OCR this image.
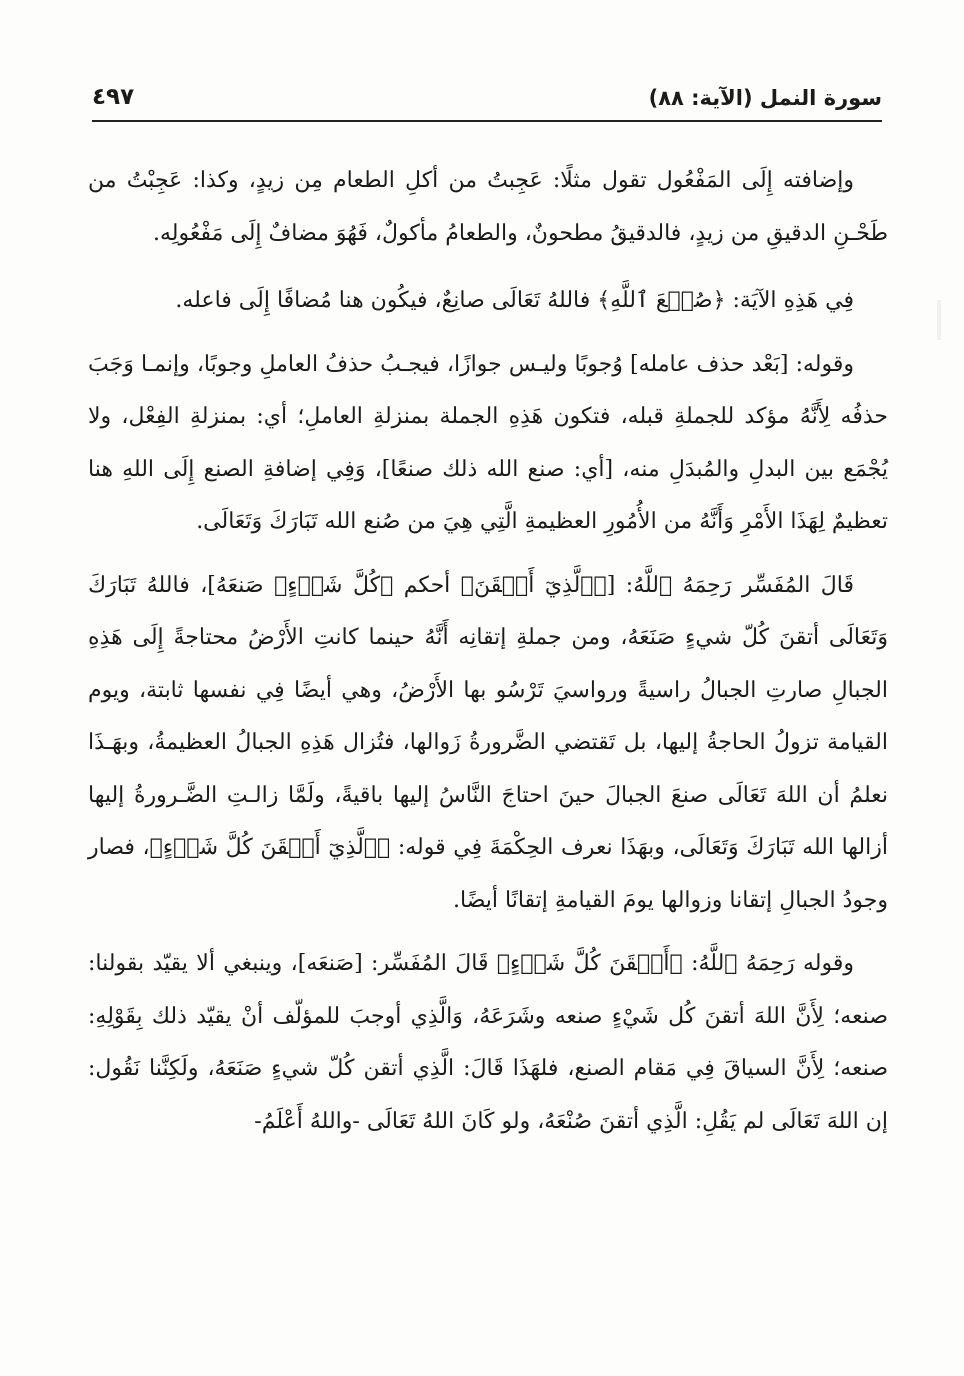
سورة النمل (الآية: ٨٨)
٤٩٧

وإضافته إِلَى المَفْعُول تقول مثلًا: عَجِبتُ من أكلِ الطعام مِن زيدٍ، وكذا: عَجِبْتُ من طَحْـنِ الدقيقِ من زيدٍ، فالدقيقُ مطحونٌ، والطعامُ مأكولٌ، فَهُوَ مضافٌ إِلَى مَفْعُولِه.

فِي هَذِهِ الآيَة: ﴿صُنۡعَ ٱللَّهِ﴾ فاللهُ تَعَالَى صانِعٌ، فيكُون هنا مُضافًا إِلَى فاعله.

وقوله: [بَعْد حذف عامله] وُجوبًا وليـس جوازًا، فيجـبُ حذفُ العاملِ وجوبًا، وإنمـا وَجَبَ حذفُه لِأَنَّهُ مؤكد للجملةِ قبله، فتكون هَذِهِ الجملة بمنزلةِ العاملِ؛ أي: بمنزلةِ الفِعْل، ولا يُجْمَع بين البدلِ والمُبدَلِ منه، [أي: صنع الله ذلك صنعًا]، وَفِي إضافةِ الصنع إِلَى اللهِ هنا تعظيمٌ لِهَذَا الأَمْرِ وَأَنَّهُ من الأُمُورِ العظيمةِ الَّتِي هِيَ من صُنع الله تَبَارَكَ وَتَعَالَى.

قَالَ المُفَسِّر رَحِمَهُ ٱللَّهُ: [﴿ٱلَّذِيٓ أَتۡقَنَ﴾ أحكم ﴿كُلَّ شَيۡءٍ﴾ صَنعَهُ]، فاللهُ تَبَارَكَ وَتَعَالَى أتقنَ كُلّ شيءٍ صَنَعَهُ، ومن جملةِ إتقانِه أَنَّهُ حينما كانتِ الأَرْضُ محتاجةً إِلَى هَذِهِ الجبالِ صارتِ الجبالُ راسيةً ورواسيَ تَرْسُو بها الأَرْضُ، وهي أيضًا فِي نفسها ثابتة، ويوم القيامة تزولُ الحاجةُ إليها، بل تَقتضي الضَّرورةُ زَوالها، فتُزال هَذِهِ الجبالُ العظيمةُ، وبهَـذَا نعلمُ أن اللهَ تَعَالَى صنعَ الجبالَ حينَ احتاجَ النَّاسُ إليها باقيةً، ولَمَّا زالـتِ الضَّـرورةُ إليها أزالها الله تَبَارَكَ وَتَعَالَى، وبهَذَا نعرف الحِكْمَةَ فِي قوله: ﴿ٱلَّذِيٓ أَتۡقَنَ كُلَّ شَيۡءٍ﴾، فصار وجودُ الجبالِ إتقانا وزوالها يومَ القيامةِ إتقانًا أيضًا.

وقوله رَحِمَهُ ٱللَّهُ: ﴿أَتۡقَنَ كُلَّ شَيۡءٍ﴾ قَالَ المُفَسِّر: [صَنعَه]، وينبغي ألا يقيّد بقولنا: صنعه؛ لِأَنَّ اللهَ أتقنَ كُل شَيْءٍ صنعه وشَرَعَهُ، وَالَّذِي أوجبَ للمؤلّف أنْ يقيّد ذلك بِقَوْلِهِ: صنعه؛ لِأَنَّ السياقَ فِي مَقام الصنع، فلهَذَا قَالَ: الَّذِي أتقن كُلّ شيءٍ صَنَعَهُ، ولَكِنَّنا نَقُول: إن اللهَ تَعَالَى لم يَقُلِ: الَّذِي أتقنَ صُنْعَهُ، ولو كَانَ اللهُ تَعَالَى -واللهُ أَعْلَمُ-
